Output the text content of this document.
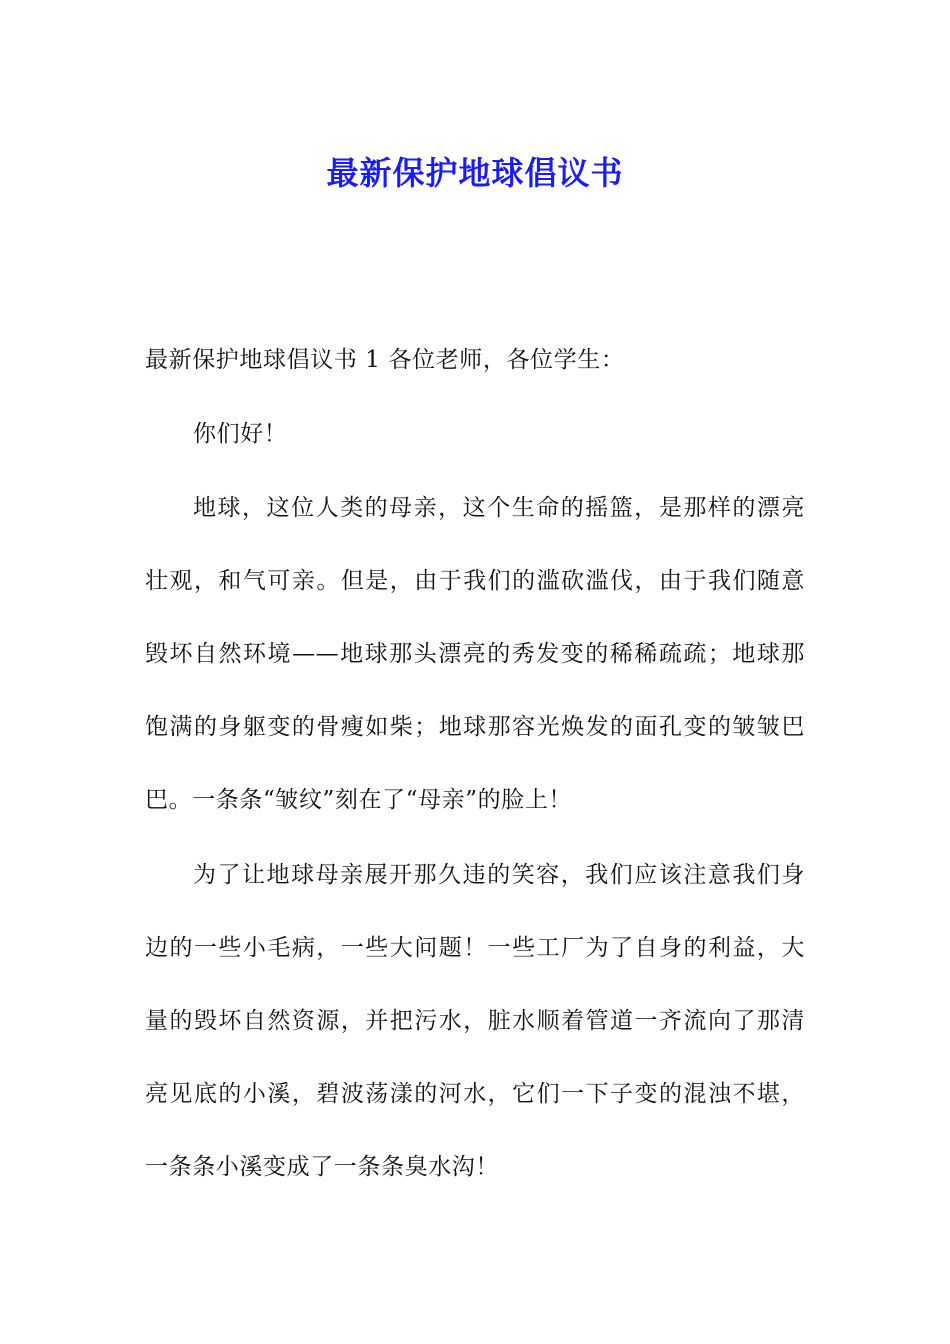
最新保护地球倡议书

最新保护地球倡议书 1 各位老师，各位学生：

你们好！

地球，这位人类的母亲，这个生命的摇篮，是那样的漂亮壮观，和气可亲。但是，由于我们的滥砍滥伐，由于我们随意毁坏自然环境——地球那头漂亮的秀发变的稀稀疏疏；地球那饱满的身躯变的骨瘦如柴；地球那容光焕发的面孔变的皱皱巴巴。一条条“皱纹”刻在了“母亲”的脸上！

为了让地球母亲展开那久违的笑容，我们应该注意我们身边的一些小毛病，一些大问题！一些工厂为了自身的利益，大量的毁坏自然资源，并把污水，脏水顺着管道一齐流向了那清亮见底的小溪，碧波荡漾的河水，它们一下子变的混浊不堪，一条条小溪变成了一条条臭水沟！
